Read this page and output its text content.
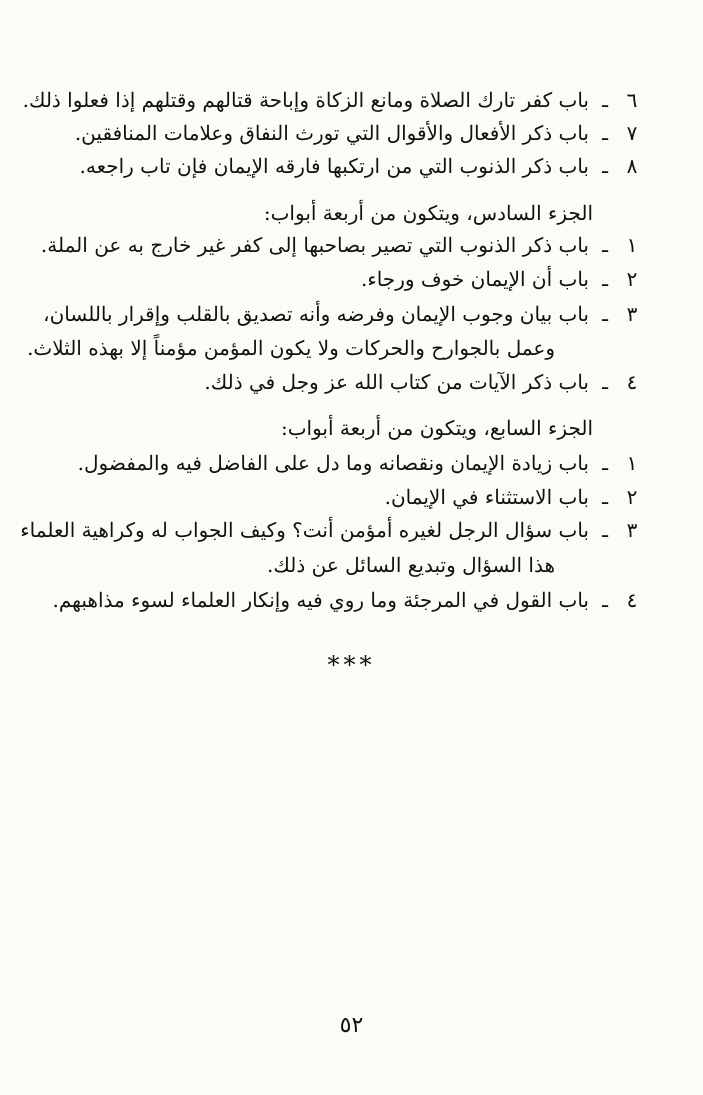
٦
ـ
باب كفر تارك الصلاة ومانع الزكاة وإباحة قتالهم وقتلهم إذا فعلوا ذلك.
٧
ـ
باب ذكر الأفعال والأقوال التي تورث النفاق وعلامات المنافقين.
٨
ـ
باب ذكر الذنوب التي من ارتكبها فارقه الإيمان فإن تاب راجعه.
الجزء السادس، ويتكون من أربعة أبواب:
١
ـ
باب ذكر الذنوب التي تصير بصاحبها إلى كفر غير خارج به عن الملة.
٢
ـ
باب أن الإيمان خوف ورجاء.
٣
ـ
باب بيان وجوب الإيمان وفرضه وأنه تصديق بالقلب وإقرار باللسان،
وعمل بالجوارح والحركات ولا يكون المؤمن مؤمناً إلا بهذه الثلاث.
٤
ـ
باب ذكر الآيات من كتاب الله عز وجل في ذلك.
الجزء السابع، ويتكون من أربعة أبواب:
١
ـ
باب زيادة الإيمان ونقصانه وما دل على الفاضل فيه والمفضول.
٢
ـ
باب الاستثناء في الإيمان.
٣
ـ
باب سؤال الرجل لغيره أمؤمن أنت؟ وكيف الجواب له وكراهية العلماء
هذا السؤال وتبديع السائل عن ذلك.
٤
ـ
باب القول في المرجئة وما روي فيه وإنكار العلماء لسوء مذاهبهم.
***
٥٢
